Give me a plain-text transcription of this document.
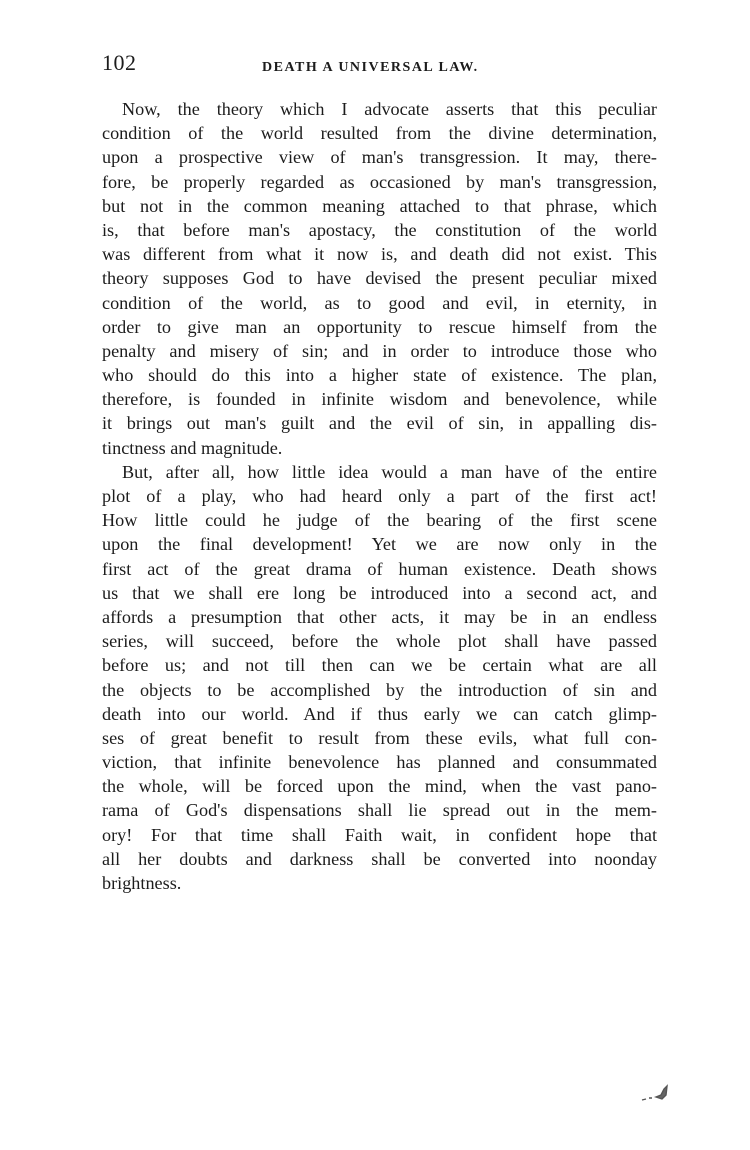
102	DEATH A UNIVERSAL LAW.
Now, the theory which I advocate asserts that this peculiar
condition of the world resulted from the divine determination,
upon a prospective view of man's transgression. It may, there-
fore, be properly regarded as occasioned by man's transgression,
but not in the common meaning attached to that phrase, which
is, that before man's apostacy, the constitution of the world
was different from what it now is, and death did not exist. This
theory supposes God to have devised the present peculiar mixed
condition of the world, as to good and evil, in eternity, in
order to give man an opportunity to rescue himself from the
penalty and misery of sin; and in order to introduce those who
who should do this into a higher state of existence. The plan,
therefore, is founded in infinite wisdom and benevolence, while
it brings out man's guilt and the evil of sin, in appalling dis-
tinctness and magnitude.
But, after all, how little idea would a man have of the entire
plot of a play, who had heard only a part of the first act!
How little could he judge of the bearing of the first scene
upon the final development! Yet we are now only in the
first act of the great drama of human existence. Death shows
us that we shall ere long be introduced into a second act, and
affords a presumption that other acts, it may be in an endless
series, will succeed, before the whole plot shall have passed
before us; and not till then can we be certain what are all
the objects to be accomplished by the introduction of sin and
death into our world. And if thus early we can catch glimp-
ses of great benefit to result from these evils, what full con-
viction, that infinite benevolence has planned and consummated
the whole, will be forced upon the mind, when the vast pano-
rama of God's dispensations shall lie spread out in the mem-
ory! For that time shall Faith wait, in confident hope that
all her doubts and darkness shall be converted into noonday
brightness.
